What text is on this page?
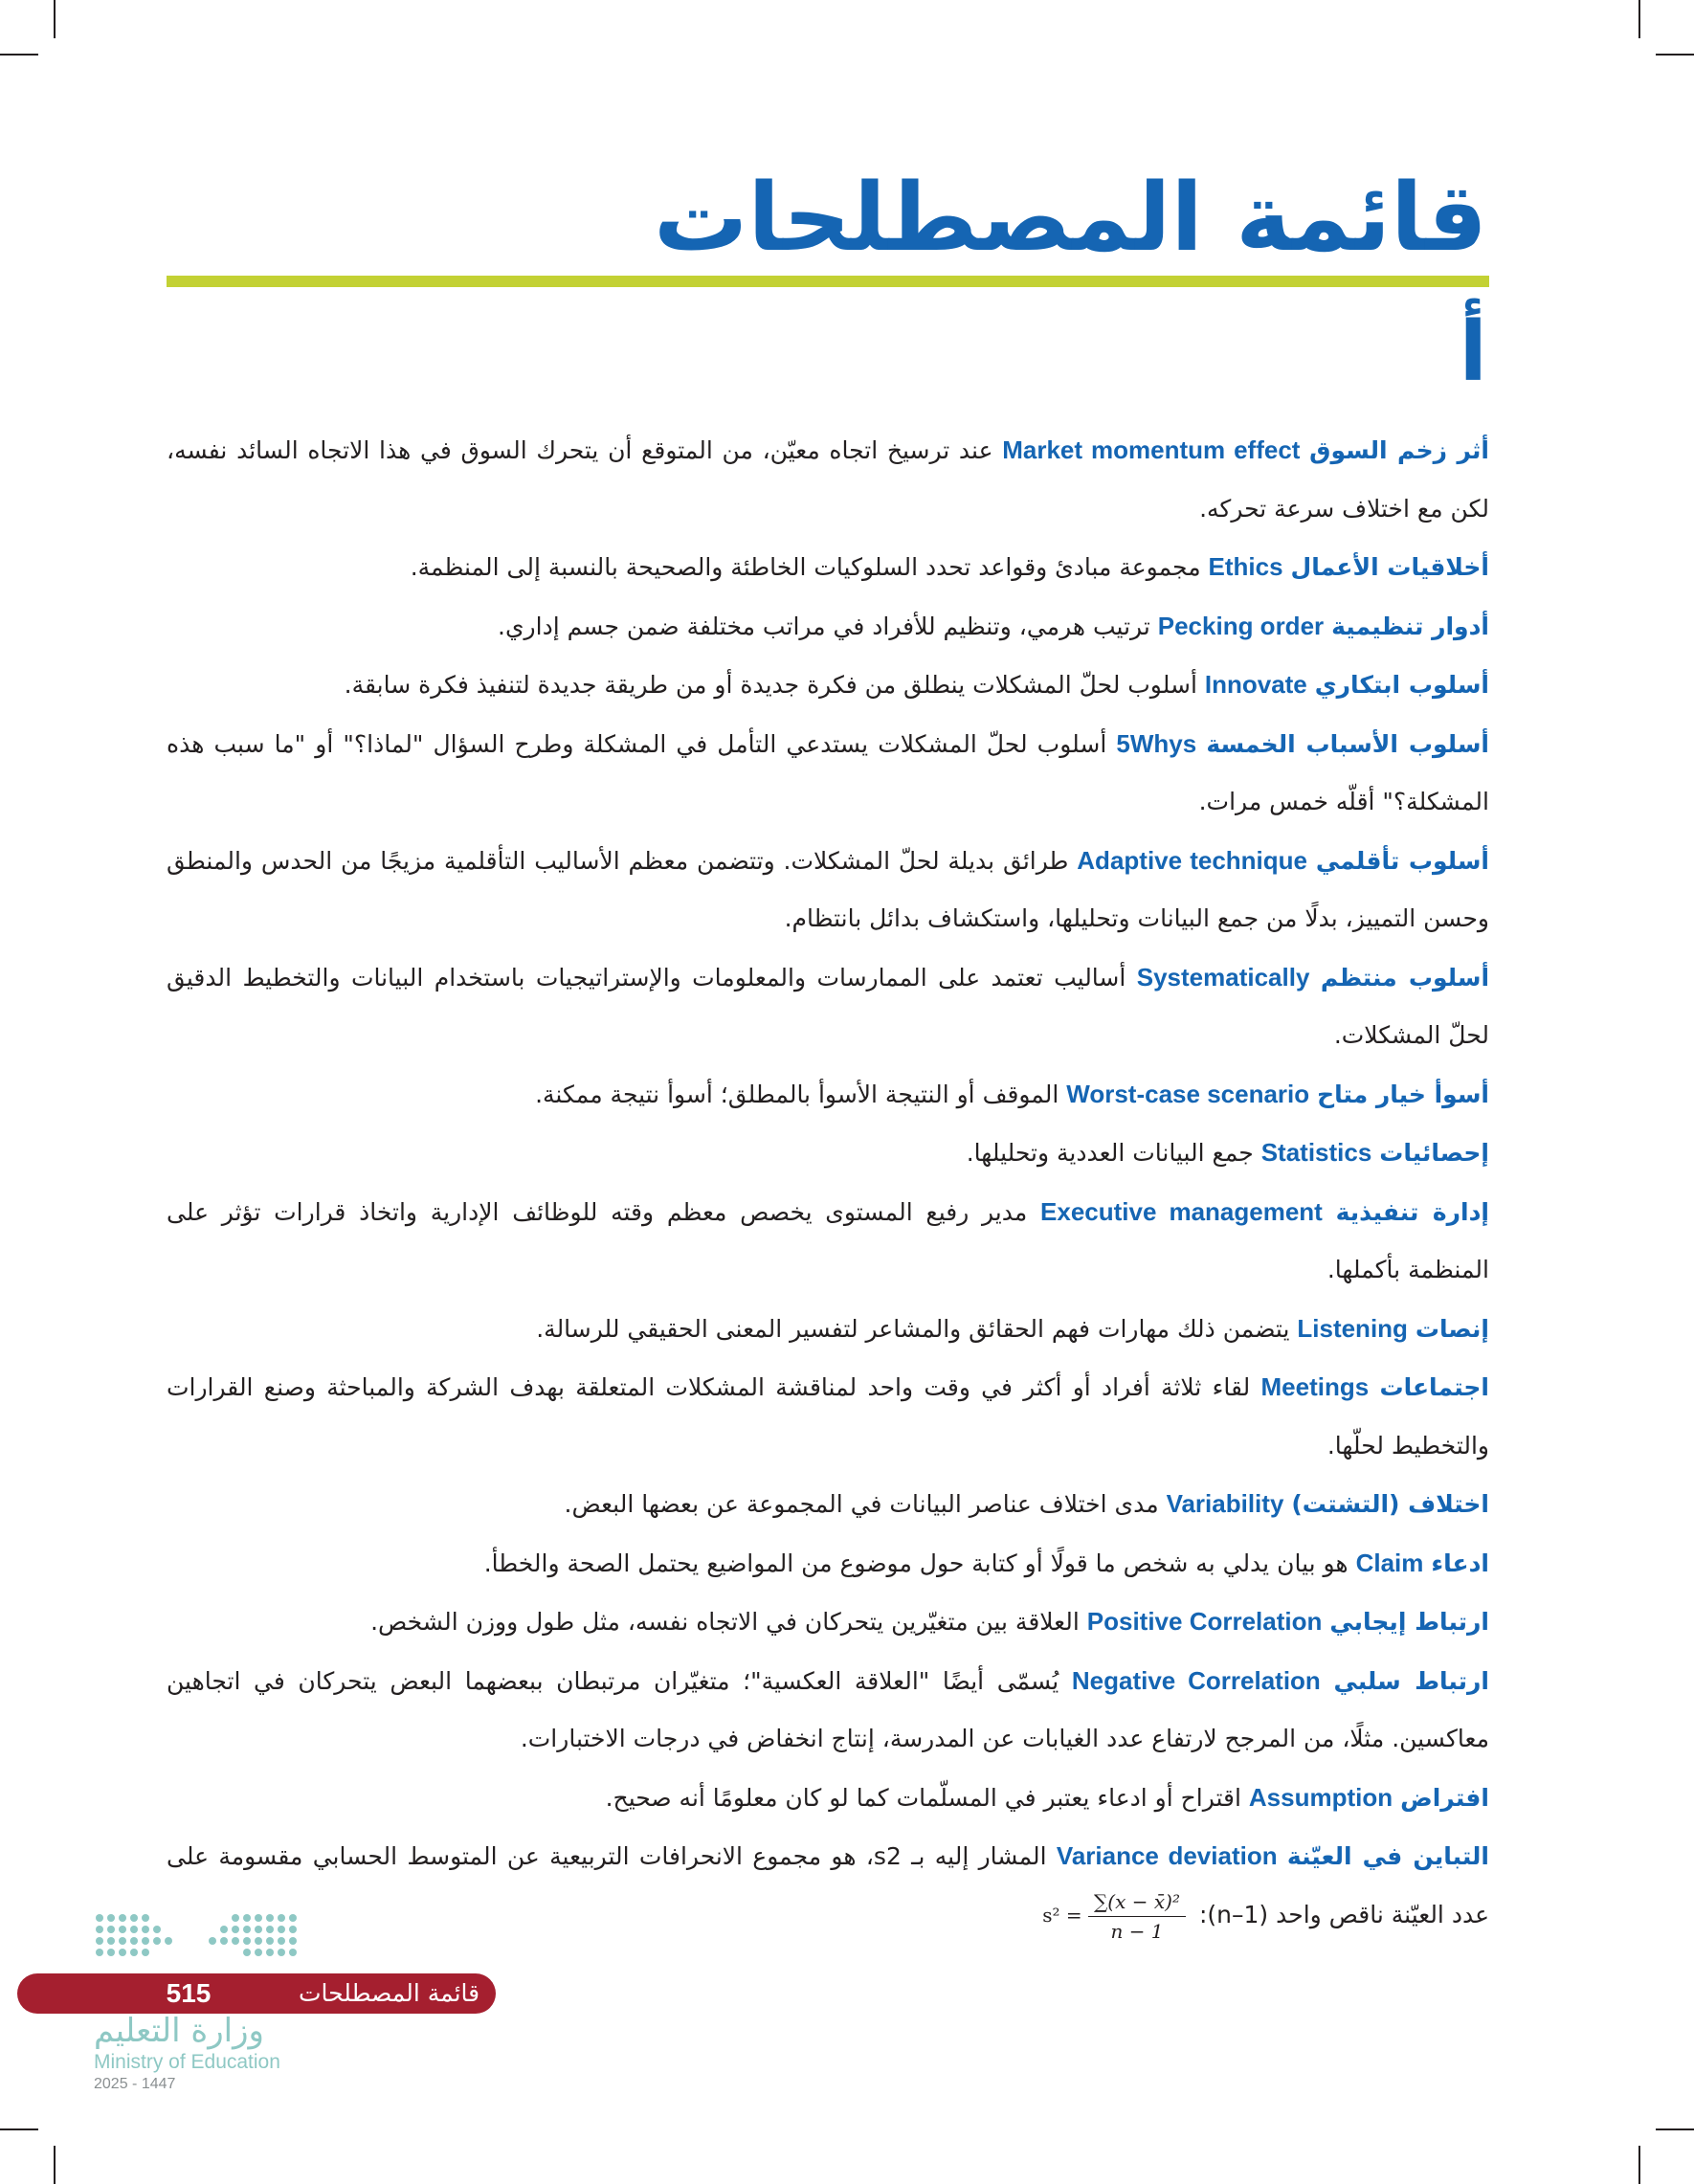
قائمة المصطلحات
أ

أثر زخم السوق Market momentum effect عند ترسيخ اتجاه معيّن، من المتوقع أن يتحرك السوق في هذا الاتجاه السائد نفسه، لكن مع اختلاف سرعة تحركه.

أخلاقيات الأعمال Ethics مجموعة مبادئ وقواعد تحدد السلوكيات الخاطئة والصحيحة بالنسبة إلى المنظمة.

أدوار تنظيمية Pecking order ترتيب هرمي، وتنظيم للأفراد في مراتب مختلفة ضمن جسم إداري.

أسلوب ابتكاري Innovate أسلوب لحلّ المشكلات ينطلق من فكرة جديدة أو من طريقة جديدة لتنفيذ فكرة سابقة.

أسلوب الأسباب الخمسة 5Whys أسلوب لحلّ المشكلات يستدعي التأمل في المشكلة وطرح السؤال "لماذا؟" أو "ما سبب هذه المشكلة؟" أقلّه خمس مرات.

أسلوب تأقلمي Adaptive technique طرائق بديلة لحلّ المشكلات. وتتضمن معظم الأساليب التأقلمية مزيجًا من الحدس والمنطق وحسن التمييز، بدلًا من جمع البيانات وتحليلها، واستكشاف بدائل بانتظام.

أسلوب منتظم Systematically أساليب تعتمد على الممارسات والمعلومات والإستراتيجيات باستخدام البيانات والتخطيط الدقيق لحلّ المشكلات.

أسوأ خيار متاح Worst-case scenario الموقف أو النتيجة الأسوأ بالمطلق؛ أسوأ نتيجة ممكنة.

إحصائيات Statistics جمع البيانات العددية وتحليلها.

إدارة تنفيذية Executive management مدير رفيع المستوى يخصص معظم وقته للوظائف الإدارية واتخاذ قرارات تؤثر على المنظمة بأكملها.

إنصات Listening يتضمن ذلك مهارات فهم الحقائق والمشاعر لتفسير المعنى الحقيقي للرسالة.

اجتماعات Meetings لقاء ثلاثة أفراد أو أكثر في وقت واحد لمناقشة المشكلات المتعلقة بهدف الشركة والمباحثة وصنع القرارات والتخطيط لحلّها.

اختلاف (التشتت) Variability مدى اختلاف عناصر البيانات في المجموعة عن بعضها البعض.

ادعاء Claim هو بيان يدلي به شخص ما قولًا أو كتابة حول موضوع من المواضيع يحتمل الصحة والخطأ.

ارتباط إيجابي Positive Correlation العلاقة بين متغيّرين يتحركان في الاتجاه نفسه، مثل طول ووزن الشخص.

ارتباط سلبي Negative Correlation يُسمّى أيضًا "العلاقة العكسية"؛ متغيّران مرتبطان ببعضهما البعض يتحركان في اتجاهين معاكسين. مثلًا، من المرجح لارتفاع عدد الغيابات عن المدرسة، إنتاج انخفاض في درجات الاختبارات.

افتراض Assumption اقتراح أو ادعاء يعتبر في المسلّمات كما لو كان معلومًا أنه صحيح.

التباين في العيّنة Variance deviation المشار إليه بـ s2، هو مجموع الانحرافات التربيعية عن المتوسط الحسابي مقسومة على عدد العيّنة ناقص واحد (n–1):s² = $\frac{\text{∑(x − x̄)²}}{n - 1}$

515	قائمة المصطلحات
وزارة التعليم
Ministry of Education
2025 - 1447
